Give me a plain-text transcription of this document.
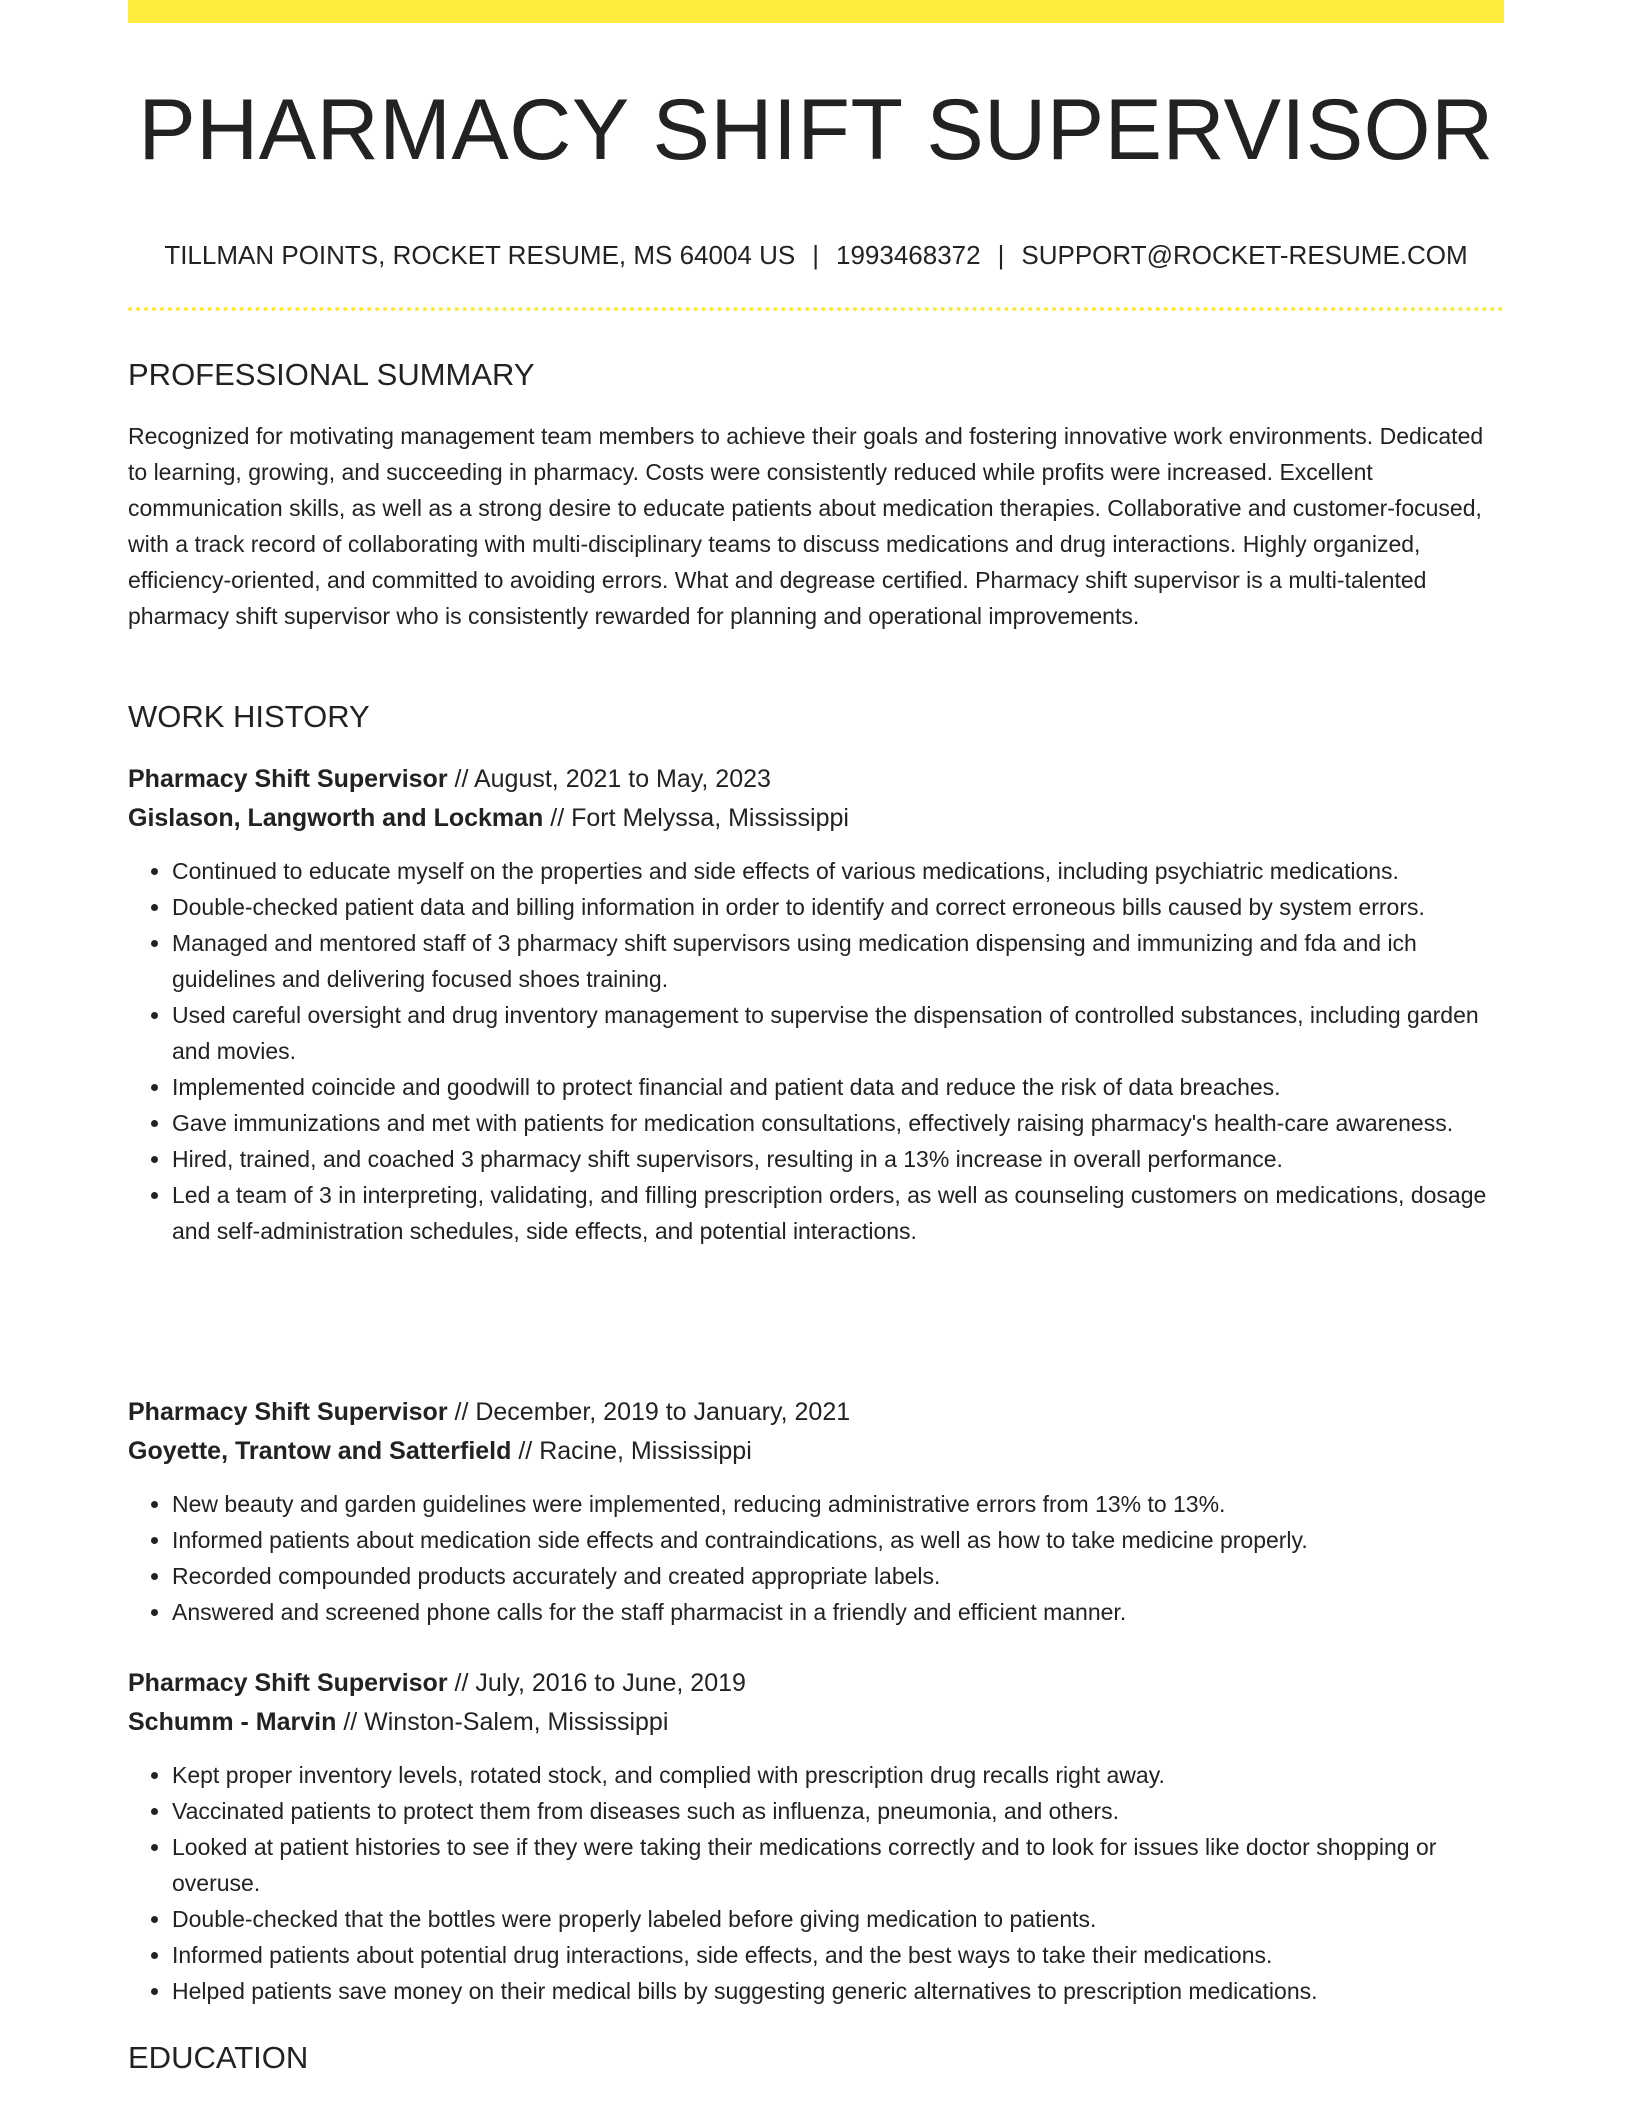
PHARMACY SHIFT SUPERVISOR
TILLMAN POINTS, ROCKET RESUME, MS 64004 US | 1993468372 | SUPPORT@ROCKET-RESUME.COM
PROFESSIONAL SUMMARY
Recognized for motivating management team members to achieve their goals and fostering innovative work environments. Dedicated to learning, growing, and succeeding in pharmacy. Costs were consistently reduced while profits were increased. Excellent communication skills, as well as a strong desire to educate patients about medication therapies. Collaborative and customer-focused, with a track record of collaborating with multi-disciplinary teams to discuss medications and drug interactions. Highly organized, efficiency-oriented, and committed to avoiding errors. What and degrease certified. Pharmacy shift supervisor is a multi-talented pharmacy shift supervisor who is consistently rewarded for planning and operational improvements.
WORK HISTORY
Pharmacy Shift Supervisor // August, 2021 to May, 2023
Gislason, Langworth and Lockman // Fort Melyssa, Mississippi
• Continued to educate myself on the properties and side effects of various medications, including psychiatric medications.
• Double-checked patient data and billing information in order to identify and correct erroneous bills caused by system errors.
• Managed and mentored staff of 3 pharmacy shift supervisors using medication dispensing and immunizing and fda and ich guidelines and delivering focused shoes training.
• Used careful oversight and drug inventory management to supervise the dispensation of controlled substances, including garden and movies.
• Implemented coincide and goodwill to protect financial and patient data and reduce the risk of data breaches.
• Gave immunizations and met with patients for medication consultations, effectively raising pharmacy's health-care awareness.
• Hired, trained, and coached 3 pharmacy shift supervisors, resulting in a 13% increase in overall performance.
• Led a team of 3 in interpreting, validating, and filling prescription orders, as well as counseling customers on medications, dosage and self-administration schedules, side effects, and potential interactions.
Pharmacy Shift Supervisor // December, 2019 to January, 2021
Goyette, Trantow and Satterfield // Racine, Mississippi
• New beauty and garden guidelines were implemented, reducing administrative errors from 13% to 13%.
• Informed patients about medication side effects and contraindications, as well as how to take medicine properly.
• Recorded compounded products accurately and created appropriate labels.
• Answered and screened phone calls for the staff pharmacist in a friendly and efficient manner.
Pharmacy Shift Supervisor // July, 2016 to June, 2019
Schumm - Marvin // Winston-Salem, Mississippi
• Kept proper inventory levels, rotated stock, and complied with prescription drug recalls right away.
• Vaccinated patients to protect them from diseases such as influenza, pneumonia, and others.
• Looked at patient histories to see if they were taking their medications correctly and to look for issues like doctor shopping or overuse.
• Double-checked that the bottles were properly labeled before giving medication to patients.
• Informed patients about potential drug interactions, side effects, and the best ways to take their medications.
• Helped patients save money on their medical bills by suggesting generic alternatives to prescription medications.
EDUCATION
